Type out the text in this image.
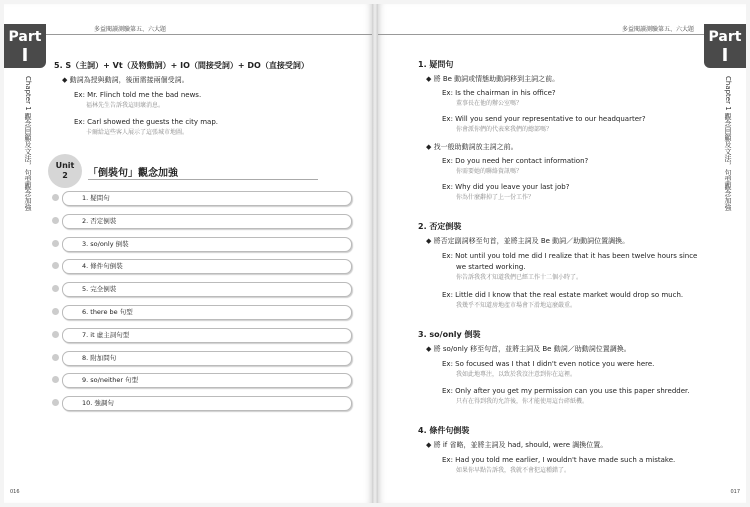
Part
I
Chapter 1 觀念回顧及文法，句型觀念加強
多益閱讀測驗第五、六大題
5. S（主詞）+ Vt（及物動詞）+ IO（間接受詞）+ DO（直接受詞）
◆ 動詞為授與動詞，後面需接兩個受詞。
Ex: Mr. Flinch told me the bad news.
福林先生告訴我這則壞消息。
Ex: Carl showed the guests the city map.
卡爾給這些客人展示了這張城市地圖。
Unit
2	「倒裝句」觀念加強
1. 疑問句
2. 否定倒裝
3. so/only 倒裝
4. 條件句倒裝
5. 完全倒裝
6. there be 句型
7. it 虛主詞句型
8. 附加問句
9. so/neither 句型
10. 強調句
016
Part
I
Chapter 1 觀念回顧及文法，句型觀念加強
多益閱讀測驗第五、六大題
1. 疑問句
◆ 將 Be 動詞或情態助動詞移到主詞之前。
Ex: Is the chairman in his office?
董事長在他的辦公室嗎？
Ex: Will you send your representative to our headquarter?
你會派你們的代表來我們的總部嗎？
◆ 找一般助動詞放主詞之前。
Ex: Do you need her contact information?
你需要她的聯絡資訊嗎？
Ex: Why did you leave your last job?
你為什麼辭掉了上一份工作？
2. 否定倒裝
◆ 將否定副詞移至句首，並將主詞及 Be 動詞／助動詞位置調換。
Ex: Not until you told me did I realize that it has been twelve hours since
we started working.
你告訴我我才知道我們已經工作十二個小時了。
Ex: Little did I know that the real estate market would drop so much.
我幾乎不知道房地產市場會下滑地這麼嚴重。
3. so/only 倒裝
◆ 將 so/only 移至句首，並將主詞及 Be 動詞／助動詞位置調換。
Ex: So focused was I that I didn't even notice you were here.
我如此地專注，以致於我沒注意到你在這裡。
Ex: Only after you get my permission can you use this paper shredder.
只有在得到我的允許後，你才能使用這台碎紙機。
4. 條件句倒裝
◆ 將 if 省略，並將主詞及 had, should, were 調換位置。
Ex: Had you told me earlier, I wouldn't have made such a mistake.
如果你早點告訴我，我就不會犯這種錯了。
017
